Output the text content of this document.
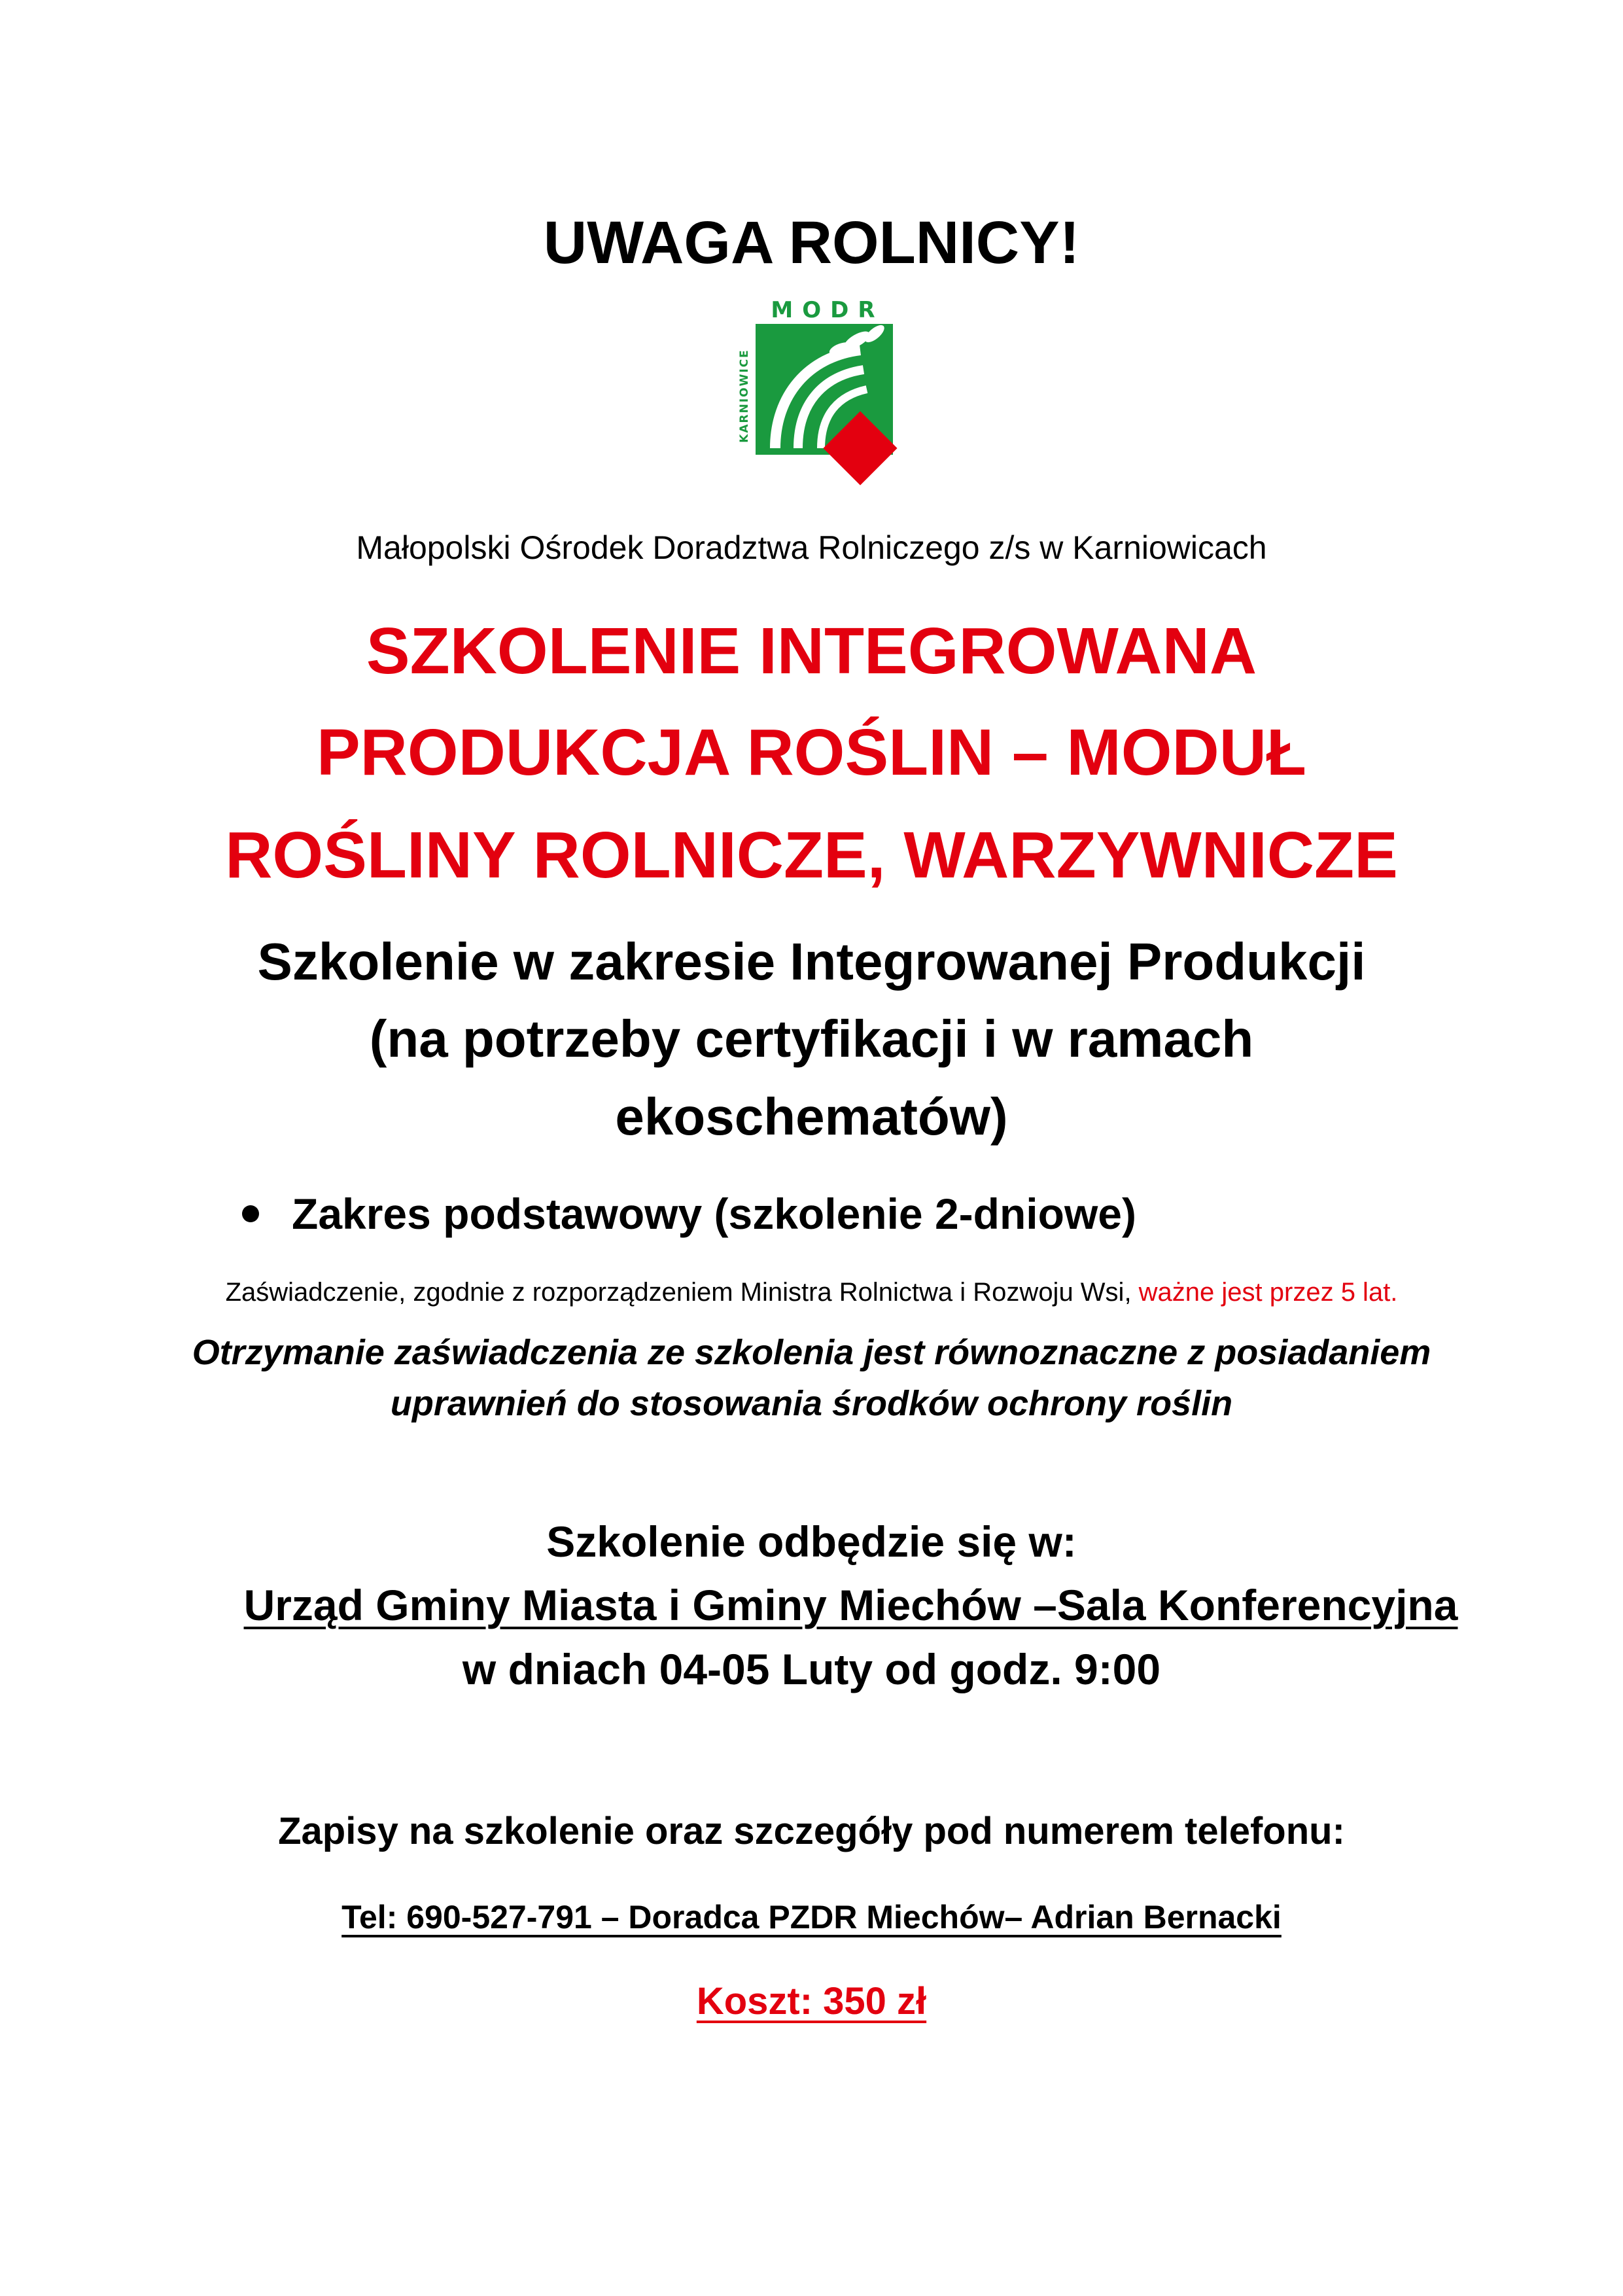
UWAGA ROLNICY!
MODR
KARNIOWICE
Małopolski Ośrodek Doradztwa Rolniczego z/s w Karniowicach
SZKOLENIE INTEGROWANA
PRODUKCJA ROŚLIN – MODUŁ
ROŚLINY ROLNICZE, WARZYWNICZE
Szkolenie w zakresie Integrowanej Produkcji
(na potrzeby certyfikacji i w ramach
ekoschematów)
Zakres podstawowy (szkolenie 2-dniowe)
Zaświadczenie, zgodnie z rozporządzeniem Ministra Rolnictwa i Rozwoju Wsi, ważne jest przez 5 lat.
Otrzymanie zaświadczenia ze szkolenia jest równoznaczne z posiadaniem
uprawnień do stosowania środków ochrony roślin
Szkolenie odbędzie się w:
Urząd Gminy Miasta i Gminy Miechów –Sala Konferencyjna
w dniach 04-05 Luty od godz. 9:00
Zapisy na szkolenie oraz szczegóły pod numerem telefonu:
Tel: 690-527-791 – Doradca PZDR Miechów– Adrian Bernacki
Koszt: 350 zł
